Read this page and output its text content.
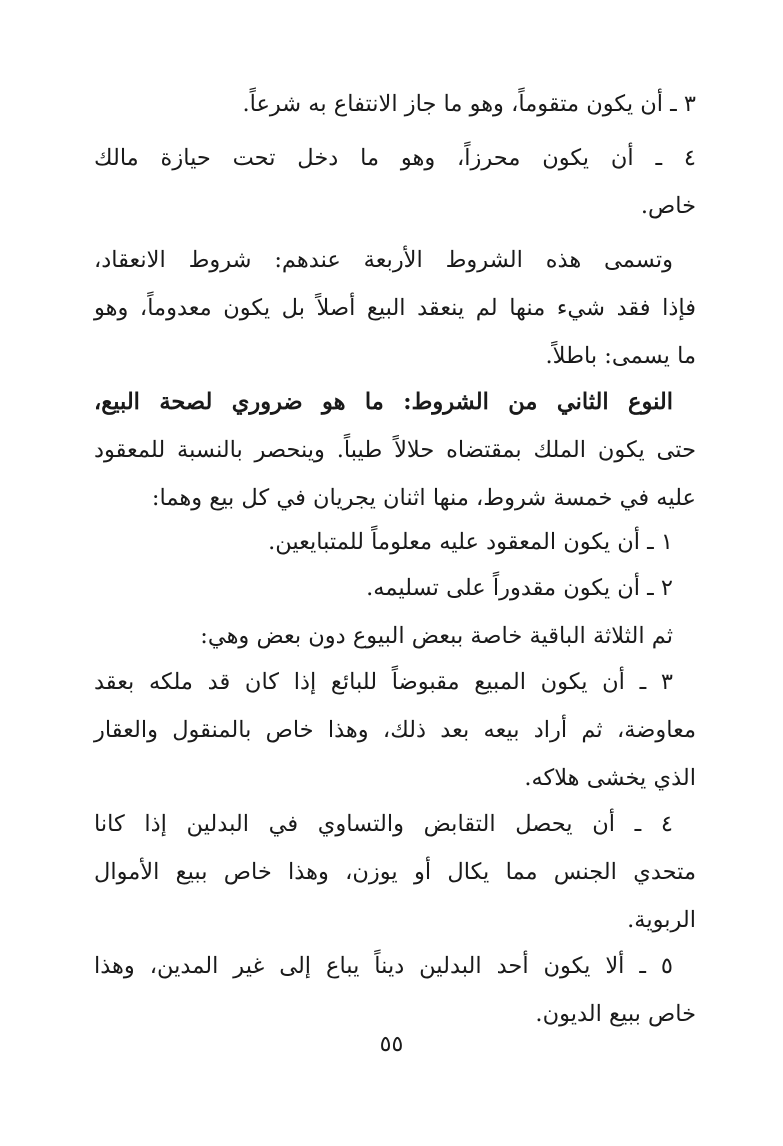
٣ ـ أن يكون متقوماً، وهو ما جاز الانتفاع به شرعاً.
٤ ـ أن يكون محرزاً، وهو ما دخل تحت حيازة مالك
خاص.
وتسمى هذه الشروط الأربعة عندهم: شروط الانعقاد،
فإذا فقد شيء منها لم ينعقد البيع أصلاً بل يكون معدوماً، وهو
ما يسمى: باطلاً.
النوع الثاني من الشروط: ما هو ضروري لصحة البيع،
حتى يكون الملك بمقتضاه حلالاً طيباً. وينحصر بالنسبة للمعقود
عليه في خمسة شروط، منها اثنان يجريان في كل بيع وهما:
١ ـ أن يكون المعقود عليه معلوماً للمتبايعين.
٢ ـ أن يكون مقدوراً على تسليمه.
ثم الثلاثة الباقية خاصة ببعض البيوع دون بعض وهي:
٣ ـ أن يكون المبيع مقبوضاً للبائع إذا كان قد ملكه بعقد
معاوضة، ثم أراد بيعه بعد ذلك، وهذا خاص بالمنقول والعقار
الذي يخشى هلاكه.
٤ ـ أن يحصل التقابض والتساوي في البدلين إذا كانا
متحدي الجنس مما يكال أو يوزن، وهذا خاص ببيع الأموال
الربوية.
٥٥
٥ ـ ألا يكون أحد البدلين ديناً يباع إلى غير المدين، وهذا
خاص ببيع الديون.
